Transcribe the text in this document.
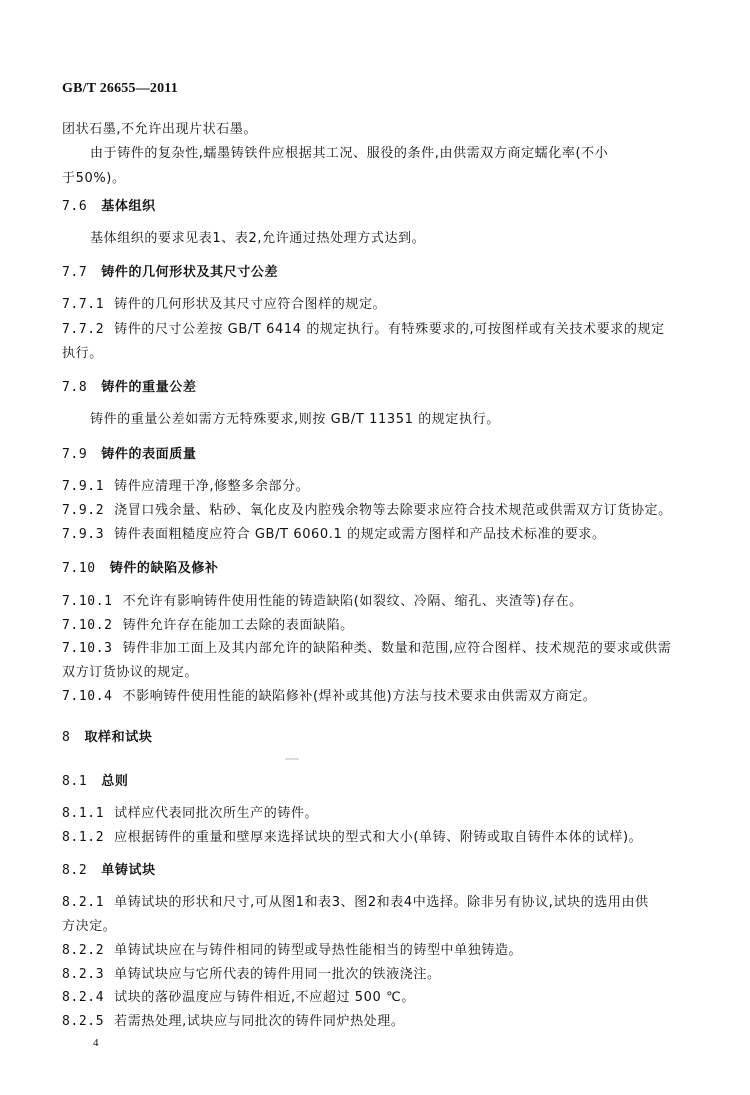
GB/T 26655—2011
团状石墨,不允许出现片状石墨。
由于铸件的复杂性,蠕墨铸铁件应根据其工况、服役的条件,由供需双方商定蠕化率(不小
于50%)。
7.6 基体组织
基体组织的要求见表1、表2,允许通过热处理方式达到。
7.7 铸件的几何形状及其尺寸公差
7.7.1 铸件的几何形状及其尺寸应符合图样的规定。
7.7.2 铸件的尺寸公差按 GB/T 6414 的规定执行。有特殊要求的,可按图样或有关技术要求的规定
执行。
7.8 铸件的重量公差
铸件的重量公差如需方无特殊要求,则按 GB/T 11351 的规定执行。
7.9 铸件的表面质量
7.9.1 铸件应清理干净,修整多余部分。
7.9.2 浇冒口残余量、粘砂、氧化皮及内腔残余物等去除要求应符合技术规范或供需双方订货协定。
7.9.3 铸件表面粗糙度应符合 GB/T 6060.1 的规定或需方图样和产品技术标准的要求。
7.10 铸件的缺陷及修补
7.10.1 不允许有影响铸件使用性能的铸造缺陷(如裂纹、冷隔、缩孔、夹渣等)存在。
7.10.2 铸件允许存在能加工去除的表面缺陷。
7.10.3 铸件非加工面上及其内部允许的缺陷种类、数量和范围,应符合图样、技术规范的要求或供需
双方订货协议的规定。
7.10.4 不影响铸件使用性能的缺陷修补(焊补或其他)方法与技术要求由供需双方商定。
8 取样和试块
8.1 总则
8.1.1 试样应代表同批次所生产的铸件。
8.1.2 应根据铸件的重量和壁厚来选择试块的型式和大小(单铸、附铸或取自铸件本体的试样)。
8.2 单铸试块
8.2.1 单铸试块的形状和尺寸,可从图1和表3、图2和表4中选择。除非另有协议,试块的选用由供
方决定。
8.2.2 单铸试块应在与铸件相同的铸型或导热性能相当的铸型中单独铸造。
8.2.3 单铸试块应与它所代表的铸件用同一批次的铁液浇注。
8.2.4 试块的落砂温度应与铸件相近,不应超过 500 ℃。
8.2.5 若需热处理,试块应与同批次的铸件同炉热处理。
4
